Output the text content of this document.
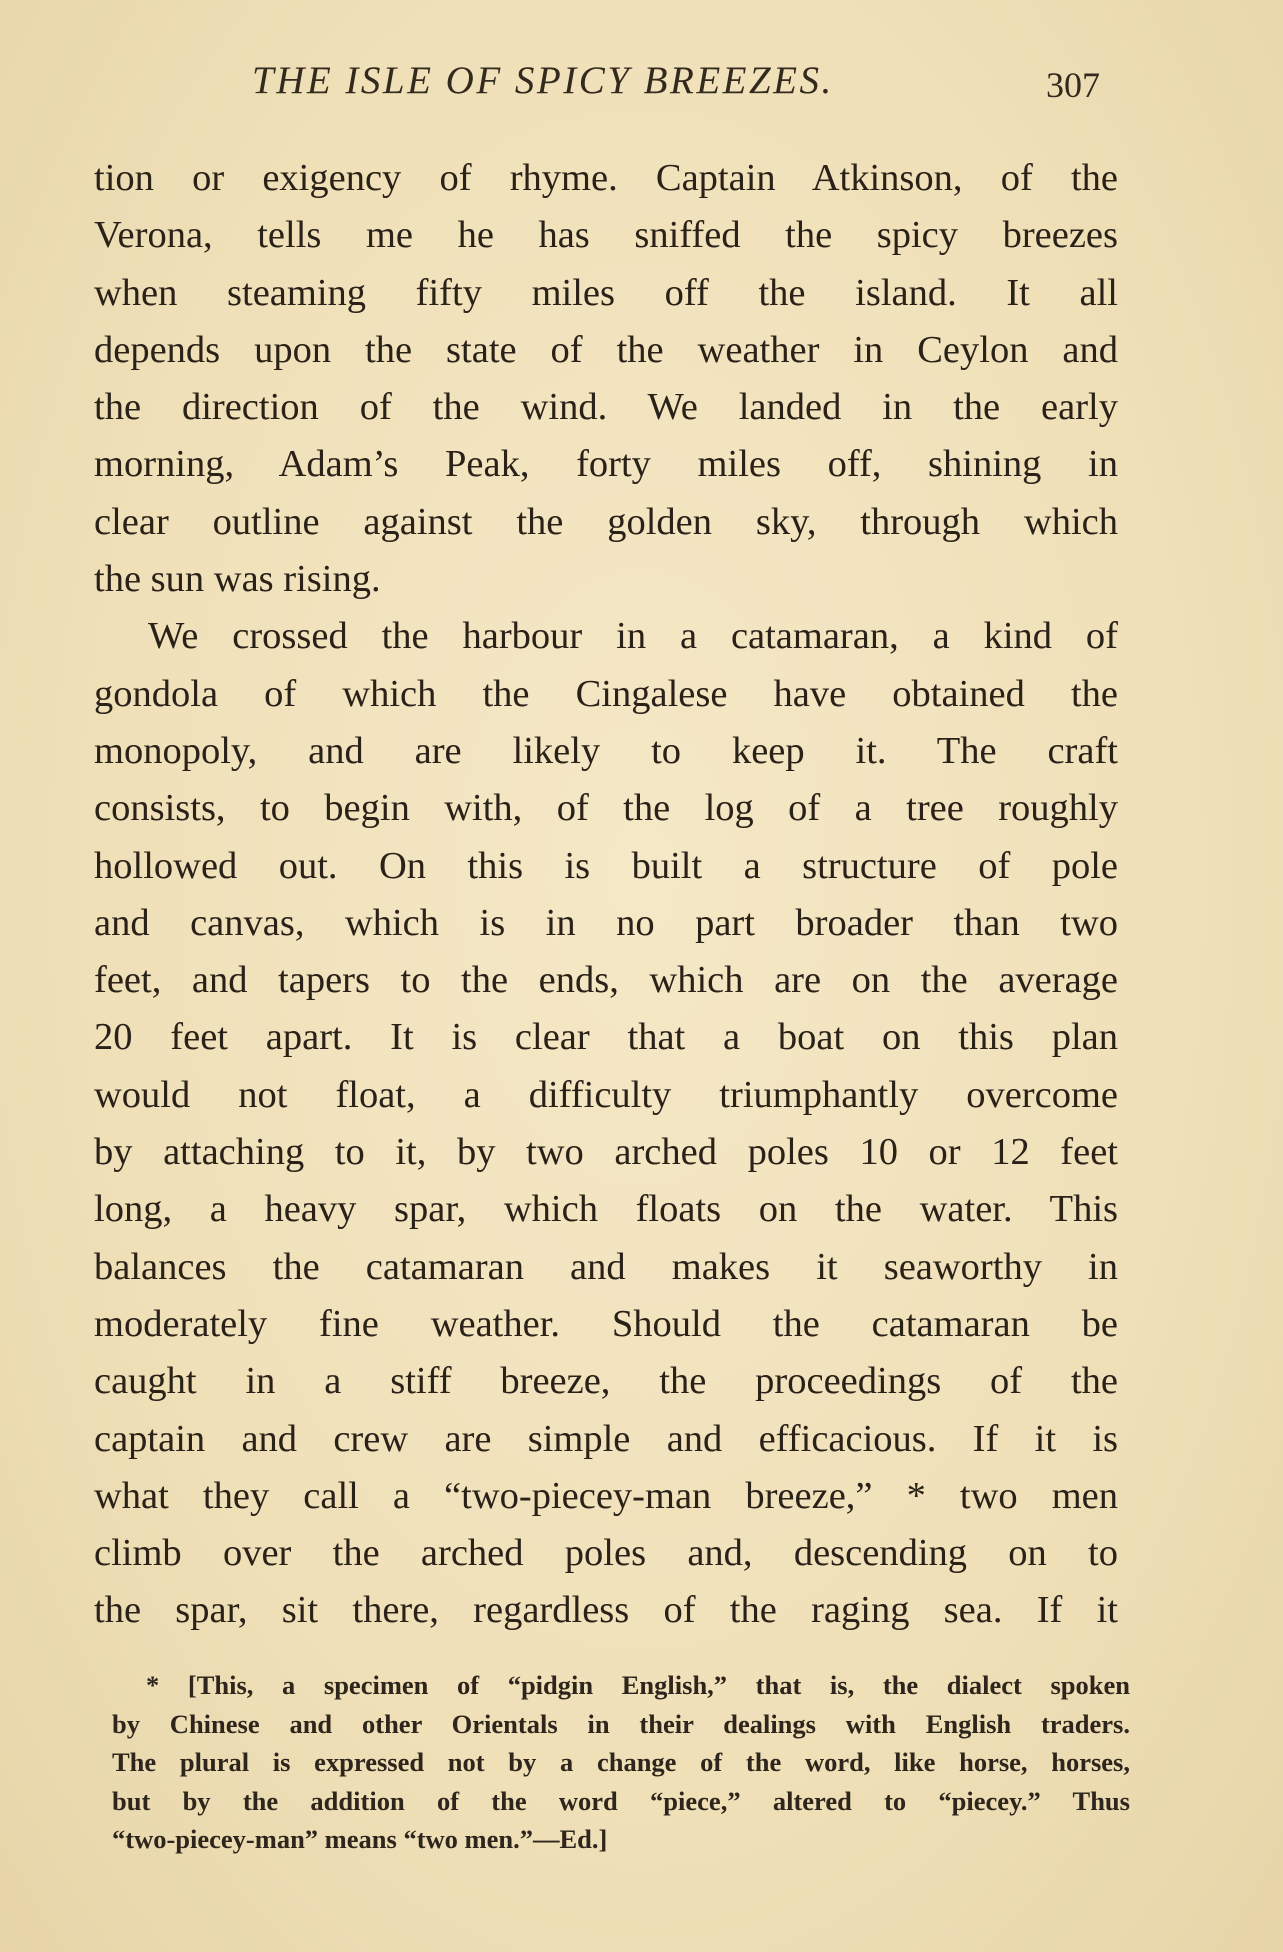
THE ISLE OF SPICY BREEZES.	307
tion or exigency of rhyme. Captain Atkinson, of the
Verona, tells me he has sniffed the spicy breezes
when steaming fifty miles off the island. It all
depends upon the state of the weather in Ceylon and
the direction of the wind. We landed in the early
morning, Adam’s Peak, forty miles off, shining in
clear outline against the golden sky, through which
the sun was rising.
We crossed the harbour in a catamaran, a kind of
gondola of which the Cingalese have obtained the
monopoly, and are likely to keep it. The craft
consists, to begin with, of the log of a tree roughly
hollowed out. On this is built a structure of pole
and canvas, which is in no part broader than two
feet, and tapers to the ends, which are on the average
20 feet apart. It is clear that a boat on this plan
would not float, a difficulty triumphantly overcome
by attaching to it, by two arched poles 10 or 12 feet
long, a heavy spar, which floats on the water. This
balances the catamaran and makes it seaworthy in
moderately fine weather. Should the catamaran be
caught in a stiff breeze, the proceedings of the
captain and crew are simple and efficacious. If it is
what they call a “two-piecey-man breeze,” * two men
climb over the arched poles and, descending on to
the spar, sit there, regardless of the raging sea. If it
* [This, a specimen of “pidgin English,” that is, the dialect spoken
by Chinese and other Orientals in their dealings with English traders.
The plural is expressed not by a change of the word, like horse, horses,
but by the addition of the word “piece,” altered to “piecey.” Thus
“two-piecey-man” means “two men.”—Ed.]
